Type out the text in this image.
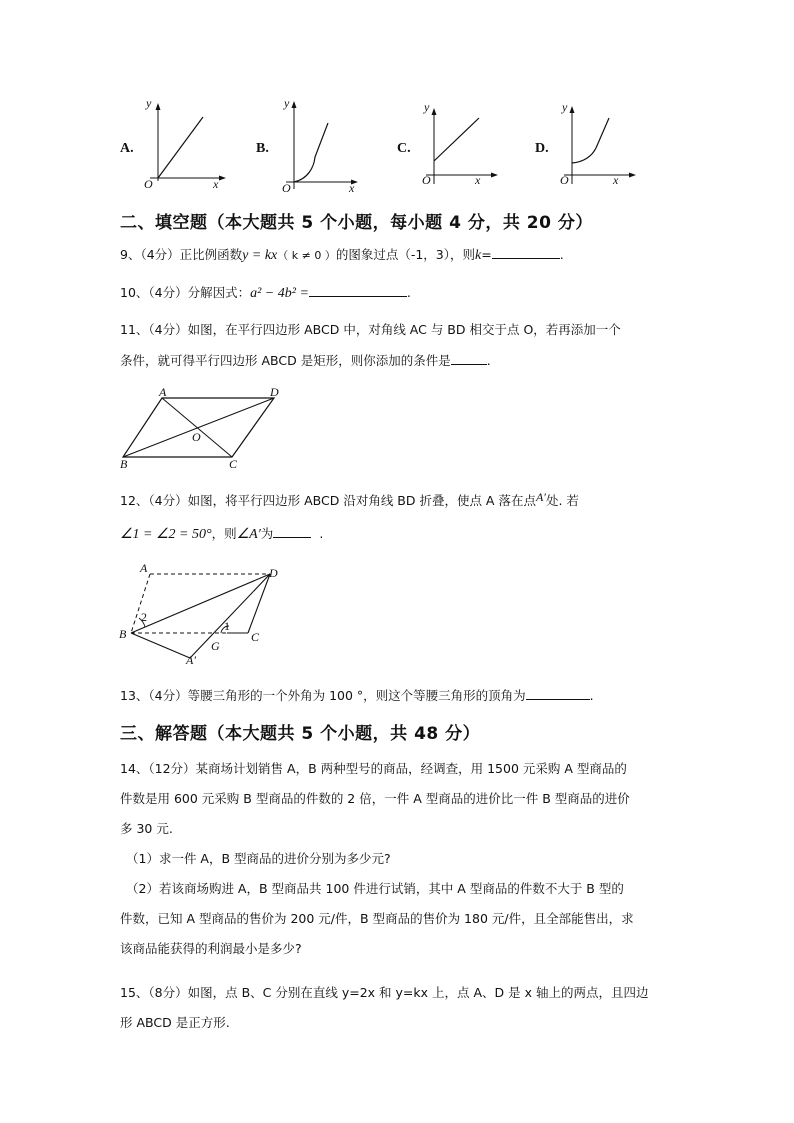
A.
y
x
O
B.
y
x
O
C.
y
x
O
D.
y
x
O
二、填空题（本大题共 5 个小题，每小题 4 分，共 20 分）
9、（4分）正比例函数y = kx（ k ≠ 0 ）的图象过点（-1，3），则k=	.
10、（4分）分解因式：a² − 4b² =	.
11、（4分）如图，在平行四边形 ABCD 中，对角线 AC 与 BD 相交于点 O，若再添加一个
条件，就可得平行四边形 ABCD 是矩形，则你添加的条件是	.
A	D
O
B	C
12、（4分）如图，将平行四边形 ABCD 沿对角线 BD 折叠，使点 A 落在点A′处. 若
∠1 = ∠2 = 50°，则∠A′为	.
A	D
B	C
G
A′
1
2
13、（4分）等腰三角形的一个外角为 100 °，则这个等腰三角形的顶角为	.
三、解答题（本大题共 5 个小题，共 48 分）
14、（12分）某商场计划销售 A，B 两种型号的商品，经调查，用 1500 元采购 A 型商品的
件数是用 600 元采购 B 型商品的件数的 2 倍，一件 A 型商品的进价比一件 B 型商品的进价
多 30 元.
（1）求一件 A，B 型商品的进价分别为多少元?
（2）若该商场购进 A，B 型商品共 100 件进行试销，其中 A 型商品的件数不大于 B 型的
件数，已知 A 型商品的售价为 200 元/件，B 型商品的售价为 180 元/件，且全部能售出，求
该商品能获得的利润最小是多少?
15、（8分）如图，点 B、C 分别在直线 y=2x 和 y=kx 上，点 A、D 是 x 轴上的两点，且四边
形 ABCD 是正方形.
